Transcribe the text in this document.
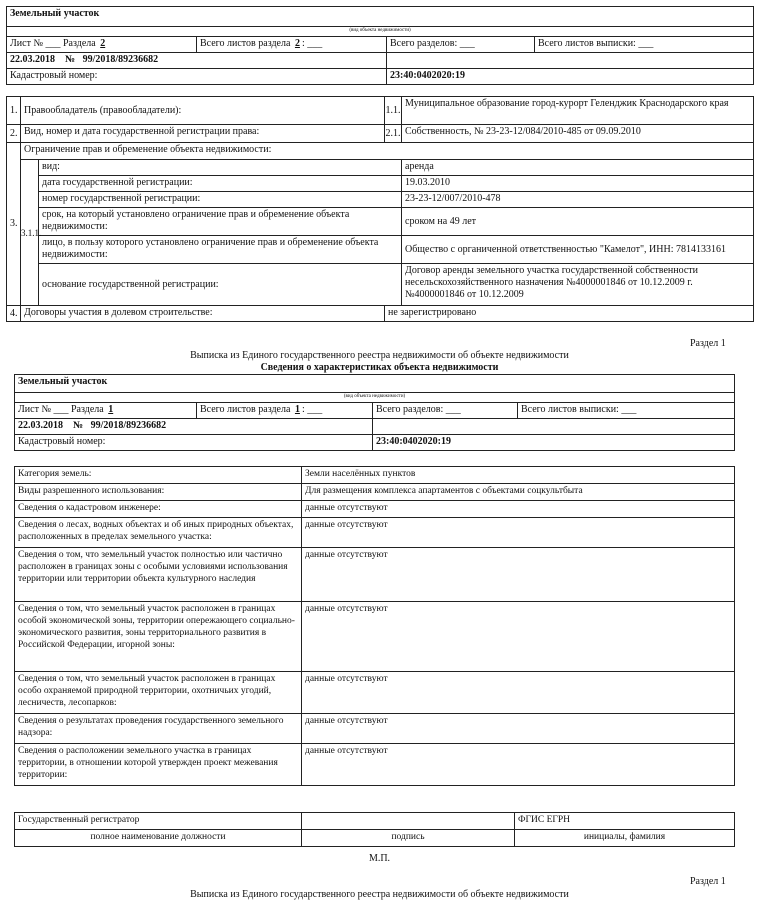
Земельный участок			
(вид объекта недвижимости)			
Лист № ___ Раздела 2	Всего листов раздела 2 : ___	Всего разделов: ___	Всего листов выписки: ___
22.03.2018 № 99/2018/89236682			
Кадастровый номер:		23:40:0402020:19	
1.	Правообладатель (правообладатели):		1.1.	Муниципальное образование город-курорт Геленджик Краснодарского края
2.	Вид, номер и дата государственной регистрации права:		2.1.	Собственность, № 23-23-12/084/2010-485 от 09.09.2010
3.	Ограничение прав и обременение объекта недвижимости:			
	3.1.1.	вид:		аренда
		дата государственной регистрации:		19.03.2010
		номер государственной регистрации:		23-23-12/007/2010-478
		срок, на который установлено ограничение прав и обременение объекта недвижимости:		сроком на 49 лет
		лицо, в пользу которого установлено ограничение прав и обременение объекта недвижимости:		Общество с органиченной ответственностью "Камелот", ИНН: 7814133161
		основание государственной регистрации:		Договор аренды земельного участка государственной собственности несельскохозяйственного назначения №4000001846 от 10.12.2009 г. №4000001846 от 10.12.2009
4.	Договоры участия в долевом строительстве:		не зарегистрировано	
Раздел 1
Выписка из Единого государственного реестра недвижимости об объекте недвижимости
Сведения о характеристиках объекта недвижимости
Земельный участок			
(вид объекта недвижимости)			
Лист № ___ Раздела 1	Всего листов раздела 1 : ___	Всего разделов: ___	Всего листов выписки: ___
22.03.2018 № 99/2018/89236682			
Кадастровый номер:		23:40:0402020:19	
Категория земель:	Земли населённых пунктов
Виды разрешенного использования:	Для размещения комплекса апартаментов с объектами соцкультбыта
Сведения о кадастровом инженере:	данные отсутствуют
Сведения о лесах, водных объектах и об иных природных объектах, расположенных в пределах земельного участка:	данные отсутствуют
Сведения о том, что земельный участок полностью или частично расположен в границах зоны с особыми условиями использования территории или территории объекта культурного наследия	данные отсутствуют
Сведения о том, что земельный участок расположен в границах особой экономической зоны, территории опережающего социально-экономического развития, зоны территориального развития в Российской Федерации, игорной зоны:	данные отсутствуют
Сведения о том, что земельный участок расположен в границах особо охраняемой природной территории, охотничьих угодий, лесничеств, лесопарков:	данные отсутствуют
Сведения о результатах проведения государственного земельного надзора:	данные отсутствуют
Сведения о расположении земельного участка в границах территории, в отношении которой утвержден проект межевания территории:	данные отсутствуют
Государственный регистратор		ФГИС ЕГРН
полное наименование должности	подпись	инициалы, фамилия
М.П.
Раздел 1
Выписка из Единого государственного реестра недвижимости об объекте недвижимости
